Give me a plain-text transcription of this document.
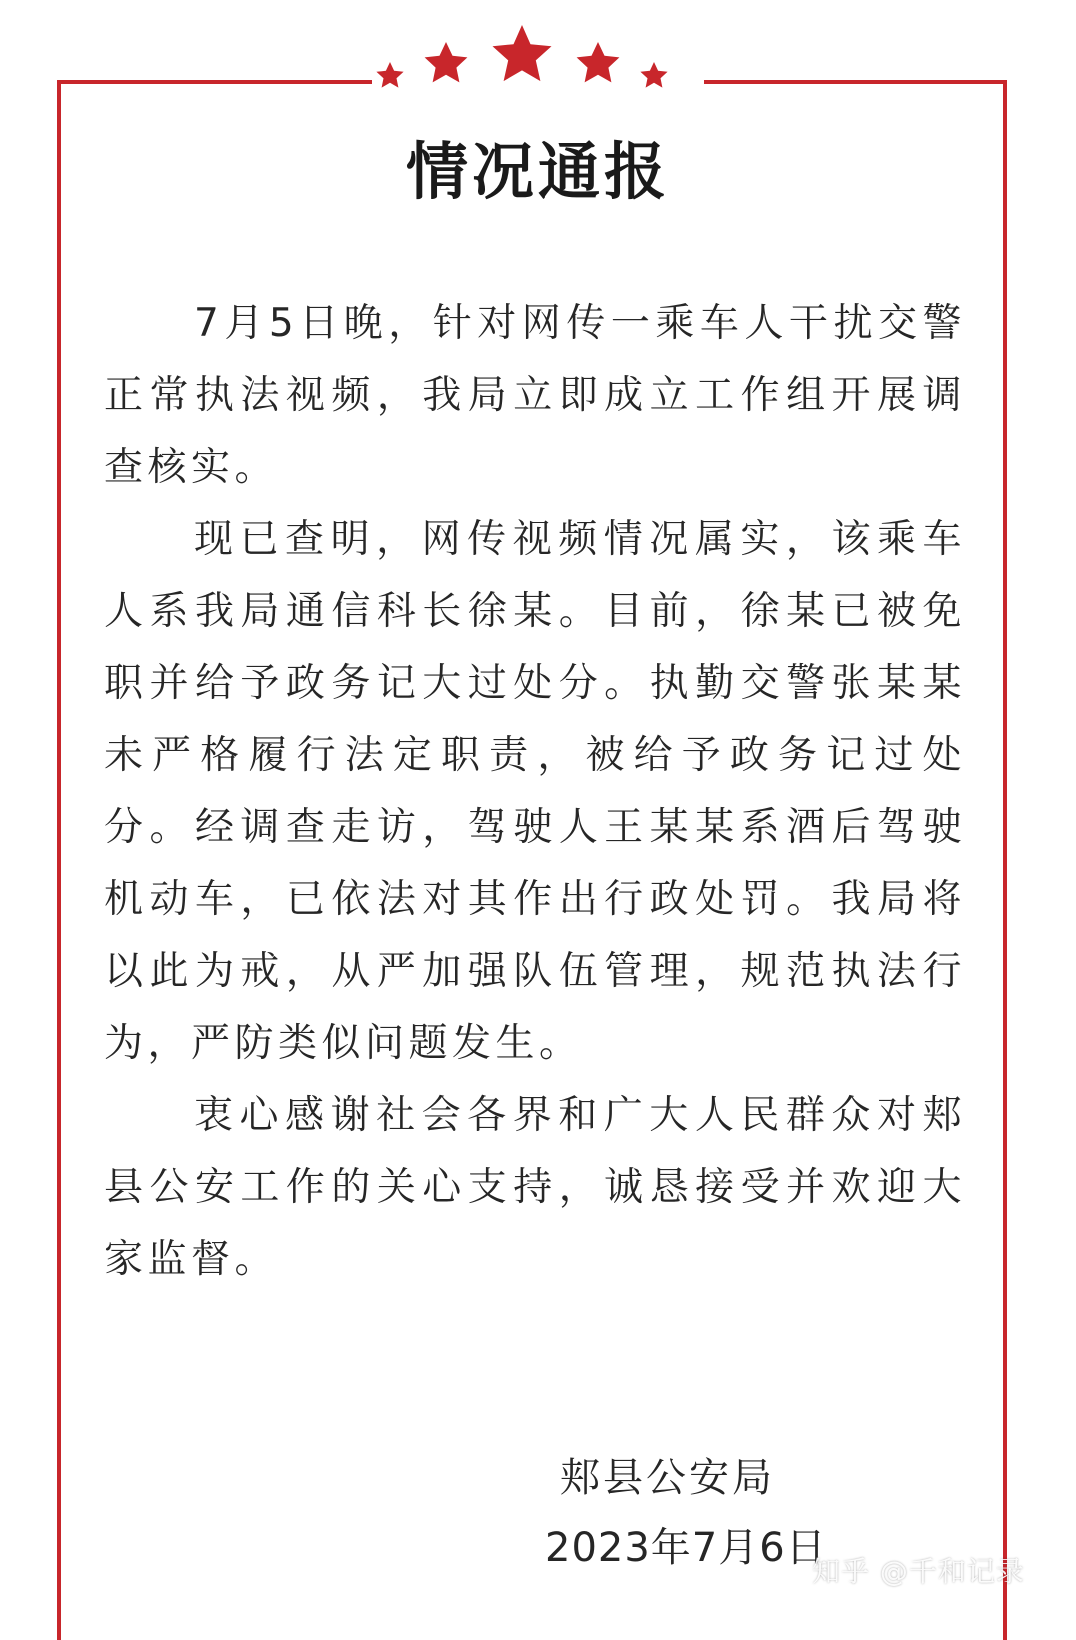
情况通报

7月5日晚，针对网传一乘车人干扰交警正常执法视频，我局立即成立工作组开展调查核实。

现已查明，网传视频情况属实，该乘车人系我局通信科长徐某。目前，徐某已被免职并给予政务记大过处分。执勤交警张某某未严格履行法定职责，被给予政务记过处分。经调查走访，驾驶人王某某系酒后驾驶机动车，已依法对其作出行政处罚。我局将以此为戒，从严加强队伍管理，规范执法行为，严防类似问题发生。

衷心感谢社会各界和广大人民群众对郏县公安工作的关心支持，诚恳接受并欢迎大家监督。

郏县公安局
2023年7月6日
知乎 @千和记录
